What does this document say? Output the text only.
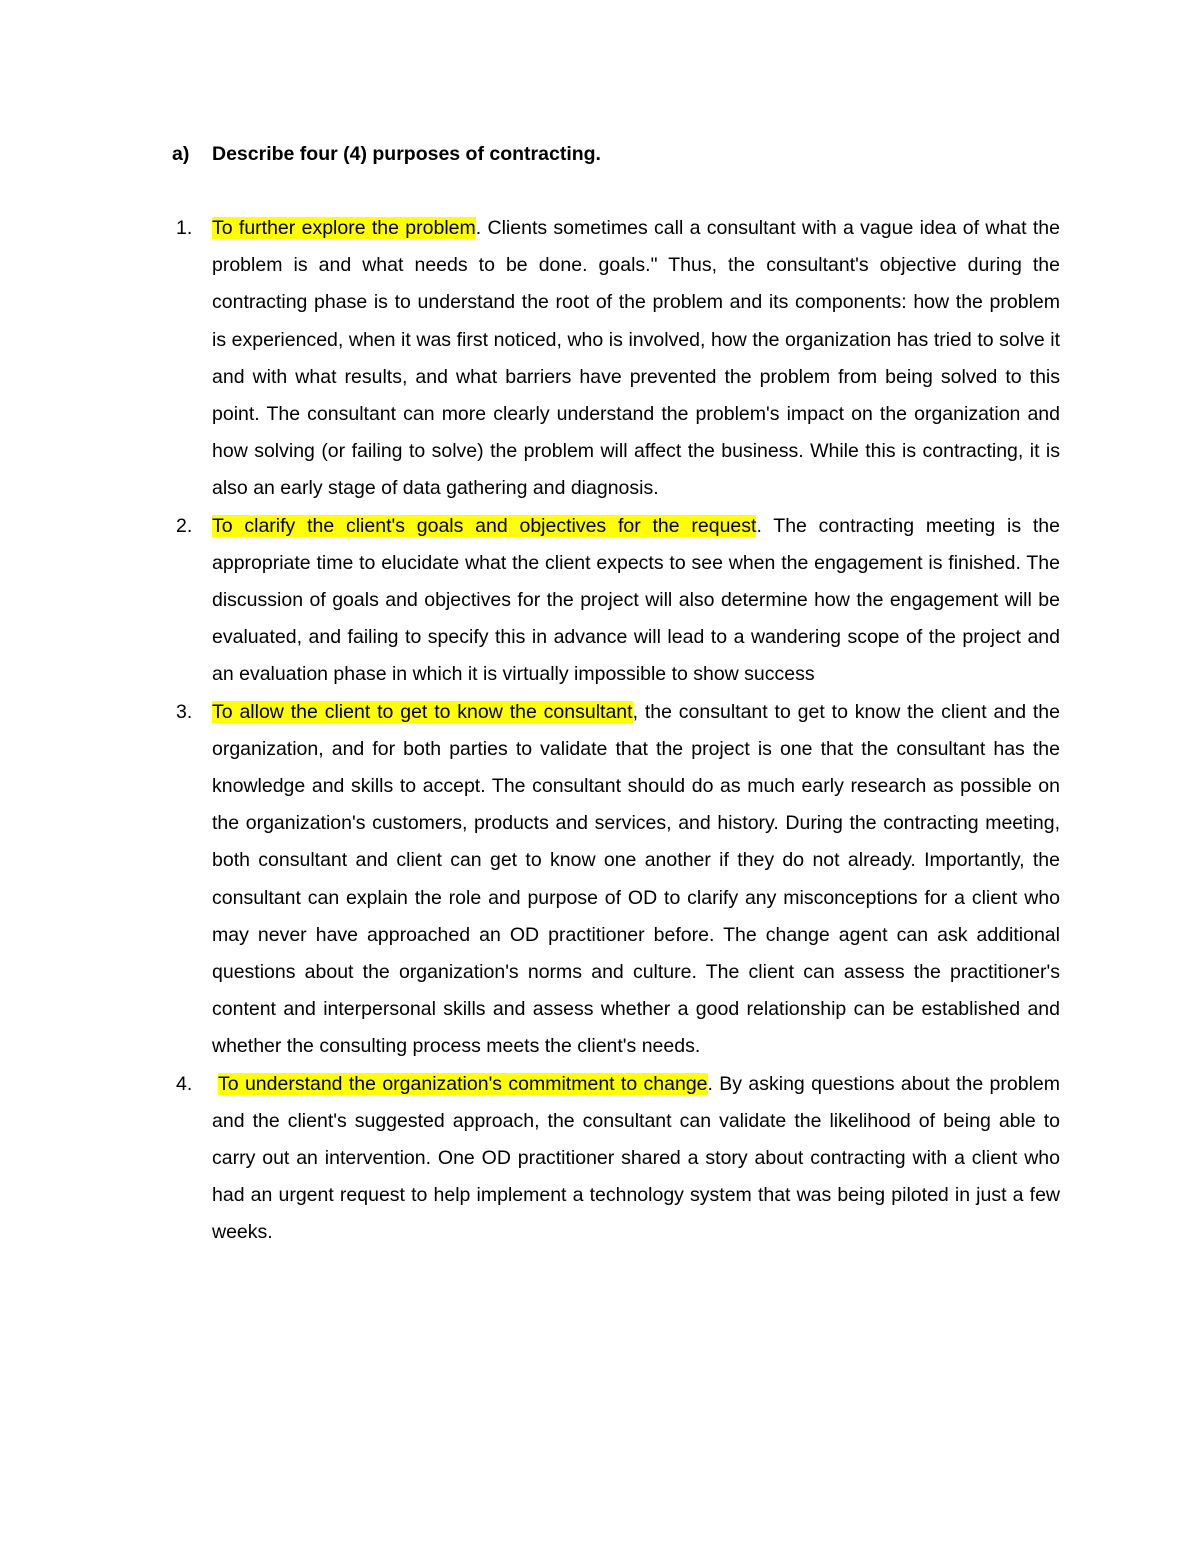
a) Describe four (4) purposes of contracting.
1. To further explore the problem. Clients sometimes call a consultant with a vague idea of what the problem is and what needs to be done. goals." Thus, the consultant's objective during the contracting phase is to understand the root of the problem and its components: how the problem is experienced, when it was first noticed, who is involved, how the organization has tried to solve it and with what results, and what barriers have prevented the problem from being solved to this point. The consultant can more clearly understand the problem's impact on the organization and how solving (or failing to solve) the problem will affect the business. While this is contracting, it is also an early stage of data gathering and diagnosis.
2. To clarify the client's goals and objectives for the request. The contracting meeting is the appropriate time to elucidate what the client expects to see when the engagement is finished. The discussion of goals and objectives for the project will also determine how the engagement will be evaluated, and failing to specify this in advance will lead to a wandering scope of the project and an evaluation phase in which it is virtually impossible to show success
3. To allow the client to get to know the consultant, the consultant to get to know the client and the organization, and for both parties to validate that the project is one that the consultant has the knowledge and skills to accept. The consultant should do as much early research as possible on the organization's customers, products and services, and history. During the contracting meeting, both consultant and client can get to know one another if they do not already. Importantly, the consultant can explain the role and purpose of OD to clarify any misconceptions for a client who may never have approached an OD practitioner before. The change agent can ask additional questions about the organization's norms and culture. The client can assess the practitioner's content and interpersonal skills and assess whether a good relationship can be established and whether the consulting process meets the client's needs.
4.	To understand the organization's commitment to change. By asking questions about the problem and the client's suggested approach, the consultant can validate the likelihood of being able to carry out an intervention. One OD practitioner shared a story about contracting with a client who had an urgent request to help implement a technology system that was being piloted in just a few weeks.
